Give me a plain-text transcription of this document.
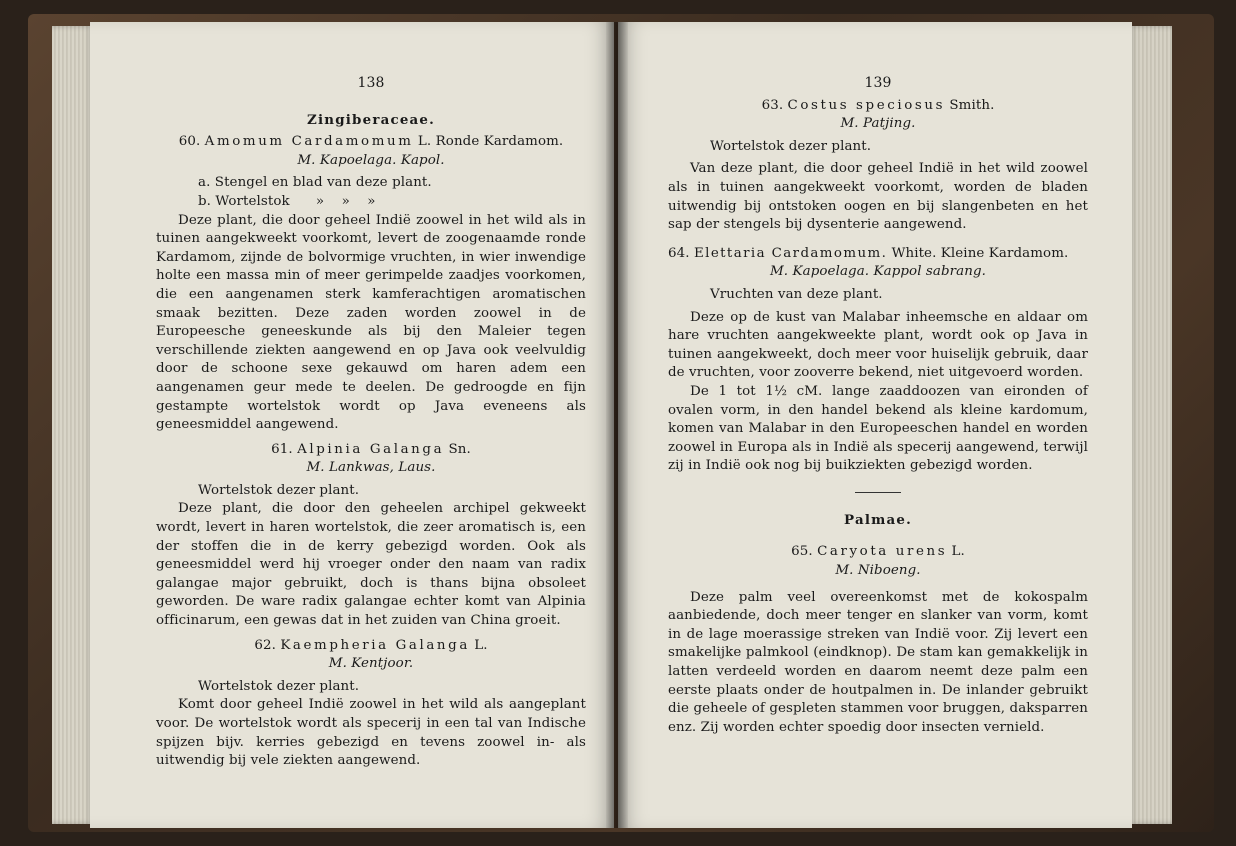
138
Zingiberaceae.
60. Amomum Cardamomum L. Ronde Kardamom.
M. Kapoelaga. Kapol.
a. Stengel en blad van deze plant.
b. Wortelstok      »    »    »

Deze plant, die door geheel Indië zoowel in het wild als in tuinen aangekweekt voorkomt, levert de zoogenaamde ronde Kardamom, zijnde de bolvormige vruchten, in wier inwendige holte een massa min of meer gerimpelde zaadjes voorkomen, die een aangenamen sterk kamferachtigen aromatischen smaak bezitten. Deze zaden worden zoowel in de Europeesche geneeskunde als bij den Maleier tegen verschillende ziekten aangewend en op Java ook veelvuldig door de schoone sexe gekauwd om haren adem een aangenamen geur mede te deelen. De gedroogde en fijn gestampte wortelstok wordt op Java eveneens als geneesmiddel aangewend.

61. Alpinia Galanga Sn.
M. Lankwas, Laus.
Wortelstok dezer plant.

Deze plant, die door den geheelen archipel gekweekt wordt, levert in haren wortelstok, die zeer aromatisch is, een der stoffen die in de kerry gebezigd worden. Ook als geneesmiddel werd hij vroeger onder den naam van radix galangae major gebruikt, doch is thans bijna obsoleet geworden. De ware radix galangae echter komt van Alpinia officinarum, een gewas dat in het zuiden van China groeit.

62. Kaempheria Galanga L.
M. Kentjoor.
Wortelstok dezer plant.

Komt door geheel Indië zoowel in het wild als aangeplant voor. De wortelstok wordt als specerij in een tal van Indische spijzen bijv. kerries gebezigd en tevens zoowel in- als uitwendig bij vele ziekten aangewend.

139
63. Costus speciosus Smith.
M. Patjing.
Wortelstok dezer plant.

Van deze plant, die door geheel Indië in het wild zoowel als in tuinen aangekweekt voorkomt, worden de bladen uitwendig bij ontstoken oogen en bij slangenbeten en het sap der stengels bij dysenterie aangewend.

64. Elettaria Cardamomum. White. Kleine Kardamom.
M. Kapoelaga. Kappol sabrang.
Vruchten van deze plant.

Deze op de kust van Malabar inheemsche en aldaar om hare vruchten aangekweekte plant, wordt ook op Java in tuinen aangekweekt, doch meer voor huiselijk gebruik, daar de vruchten, voor zooverre bekend, niet uitgevoerd worden.

De 1 tot 1½ cM. lange zaaddoozen van eironden of ovalen vorm, in den handel bekend als kleine kardomum, komen van Malabar in den Europeeschen handel en worden zoowel in Europa als in Indië als specerij aangewend, terwijl zij in Indië ook nog bij buikziekten gebezigd worden.

Palmae.
65. Caryota urens L.
M. Niboeng.

Deze palm veel overeenkomst met de kokospalm aanbiedende, doch meer tenger en slanker van vorm, komt in de lage moerassige streken van Indië voor. Zij levert een smakelijke palmkool (eindknop). De stam kan gemakkelijk in latten verdeeld worden en daarom neemt deze palm een eerste plaats onder de houtpalmen in. De inlander gebruikt die geheele of gespleten stammen voor bruggen, daksparren enz. Zij worden echter spoedig door insecten vernield.
